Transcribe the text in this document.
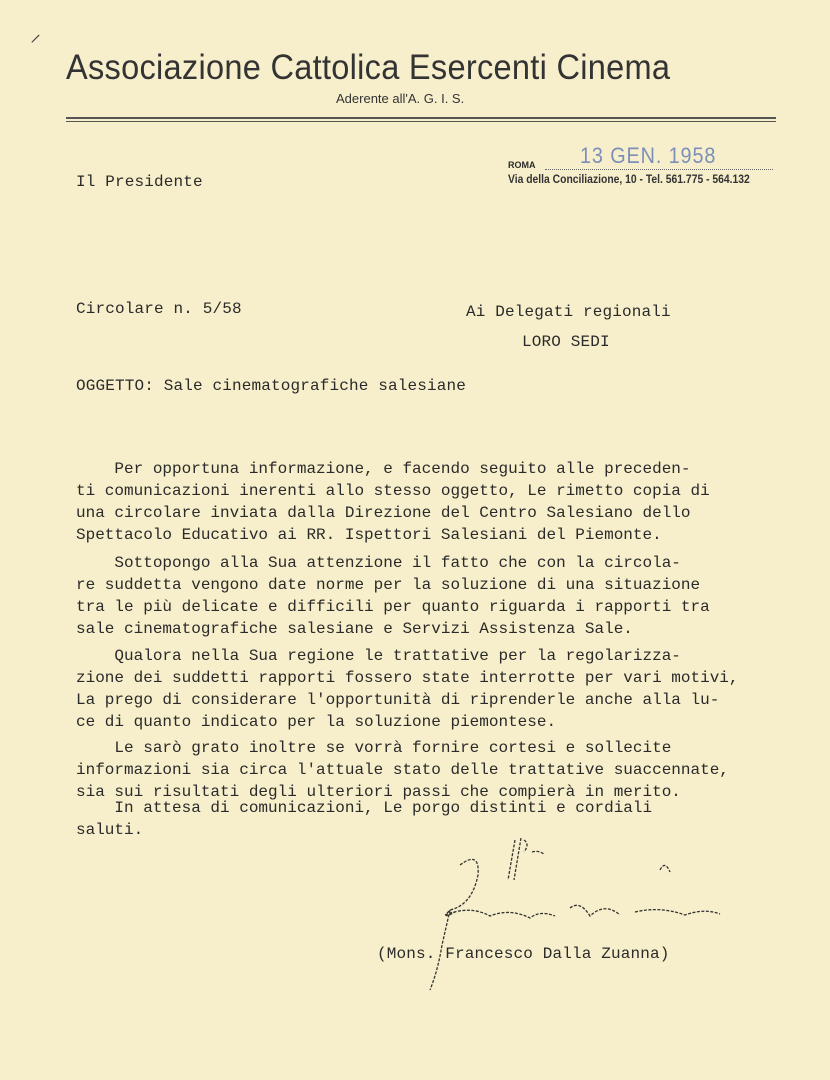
⸝
Associazione Cattolica Esercenti Cinema
Aderente all'A. G. I. S.
13 GEN. 1958
ROMA
Via della Conciliazione, 10 - Tel. 561.775 - 564.132
Il Presidente
Circolare n. 5/58	Ai Delegati regionali
LORO SEDI
OGGETTO: Sale cinematografiche salesiane
Per opportuna informazione, e facendo seguito alle preceden-
ti comunicazioni inerenti allo stesso oggetto, Le rimetto copia di
una circolare inviata dalla Direzione del Centro Salesiano dello
Spettacolo Educativo ai RR. Ispettori Salesiani del Piemonte.
Sottopongo alla Sua attenzione il fatto che con la circola-
re suddetta vengono date norme per la soluzione di una situazione
tra le più delicate e difficili per quanto riguarda i rapporti tra
sale cinematografiche salesiane e Servizi Assistenza Sale.
Qualora nella Sua regione le trattative per la regolarizza-
zione dei suddetti rapporti fossero state interrotte per vari motivi,
La prego di considerare l'opportunità di riprenderle anche alla lu-
ce di quanto indicato per la soluzione piemontese.
Le sarò grato inoltre se vorrà fornire cortesi e sollecite
informazioni sia circa l'attuale stato delle trattative suaccennate,
sia sui risultati degli ulteriori passi che compierà in merito.
In attesa di comunicazioni, Le porgo distinti e cordiali
saluti.
(Mons. Francesco Dalla Zuanna)
